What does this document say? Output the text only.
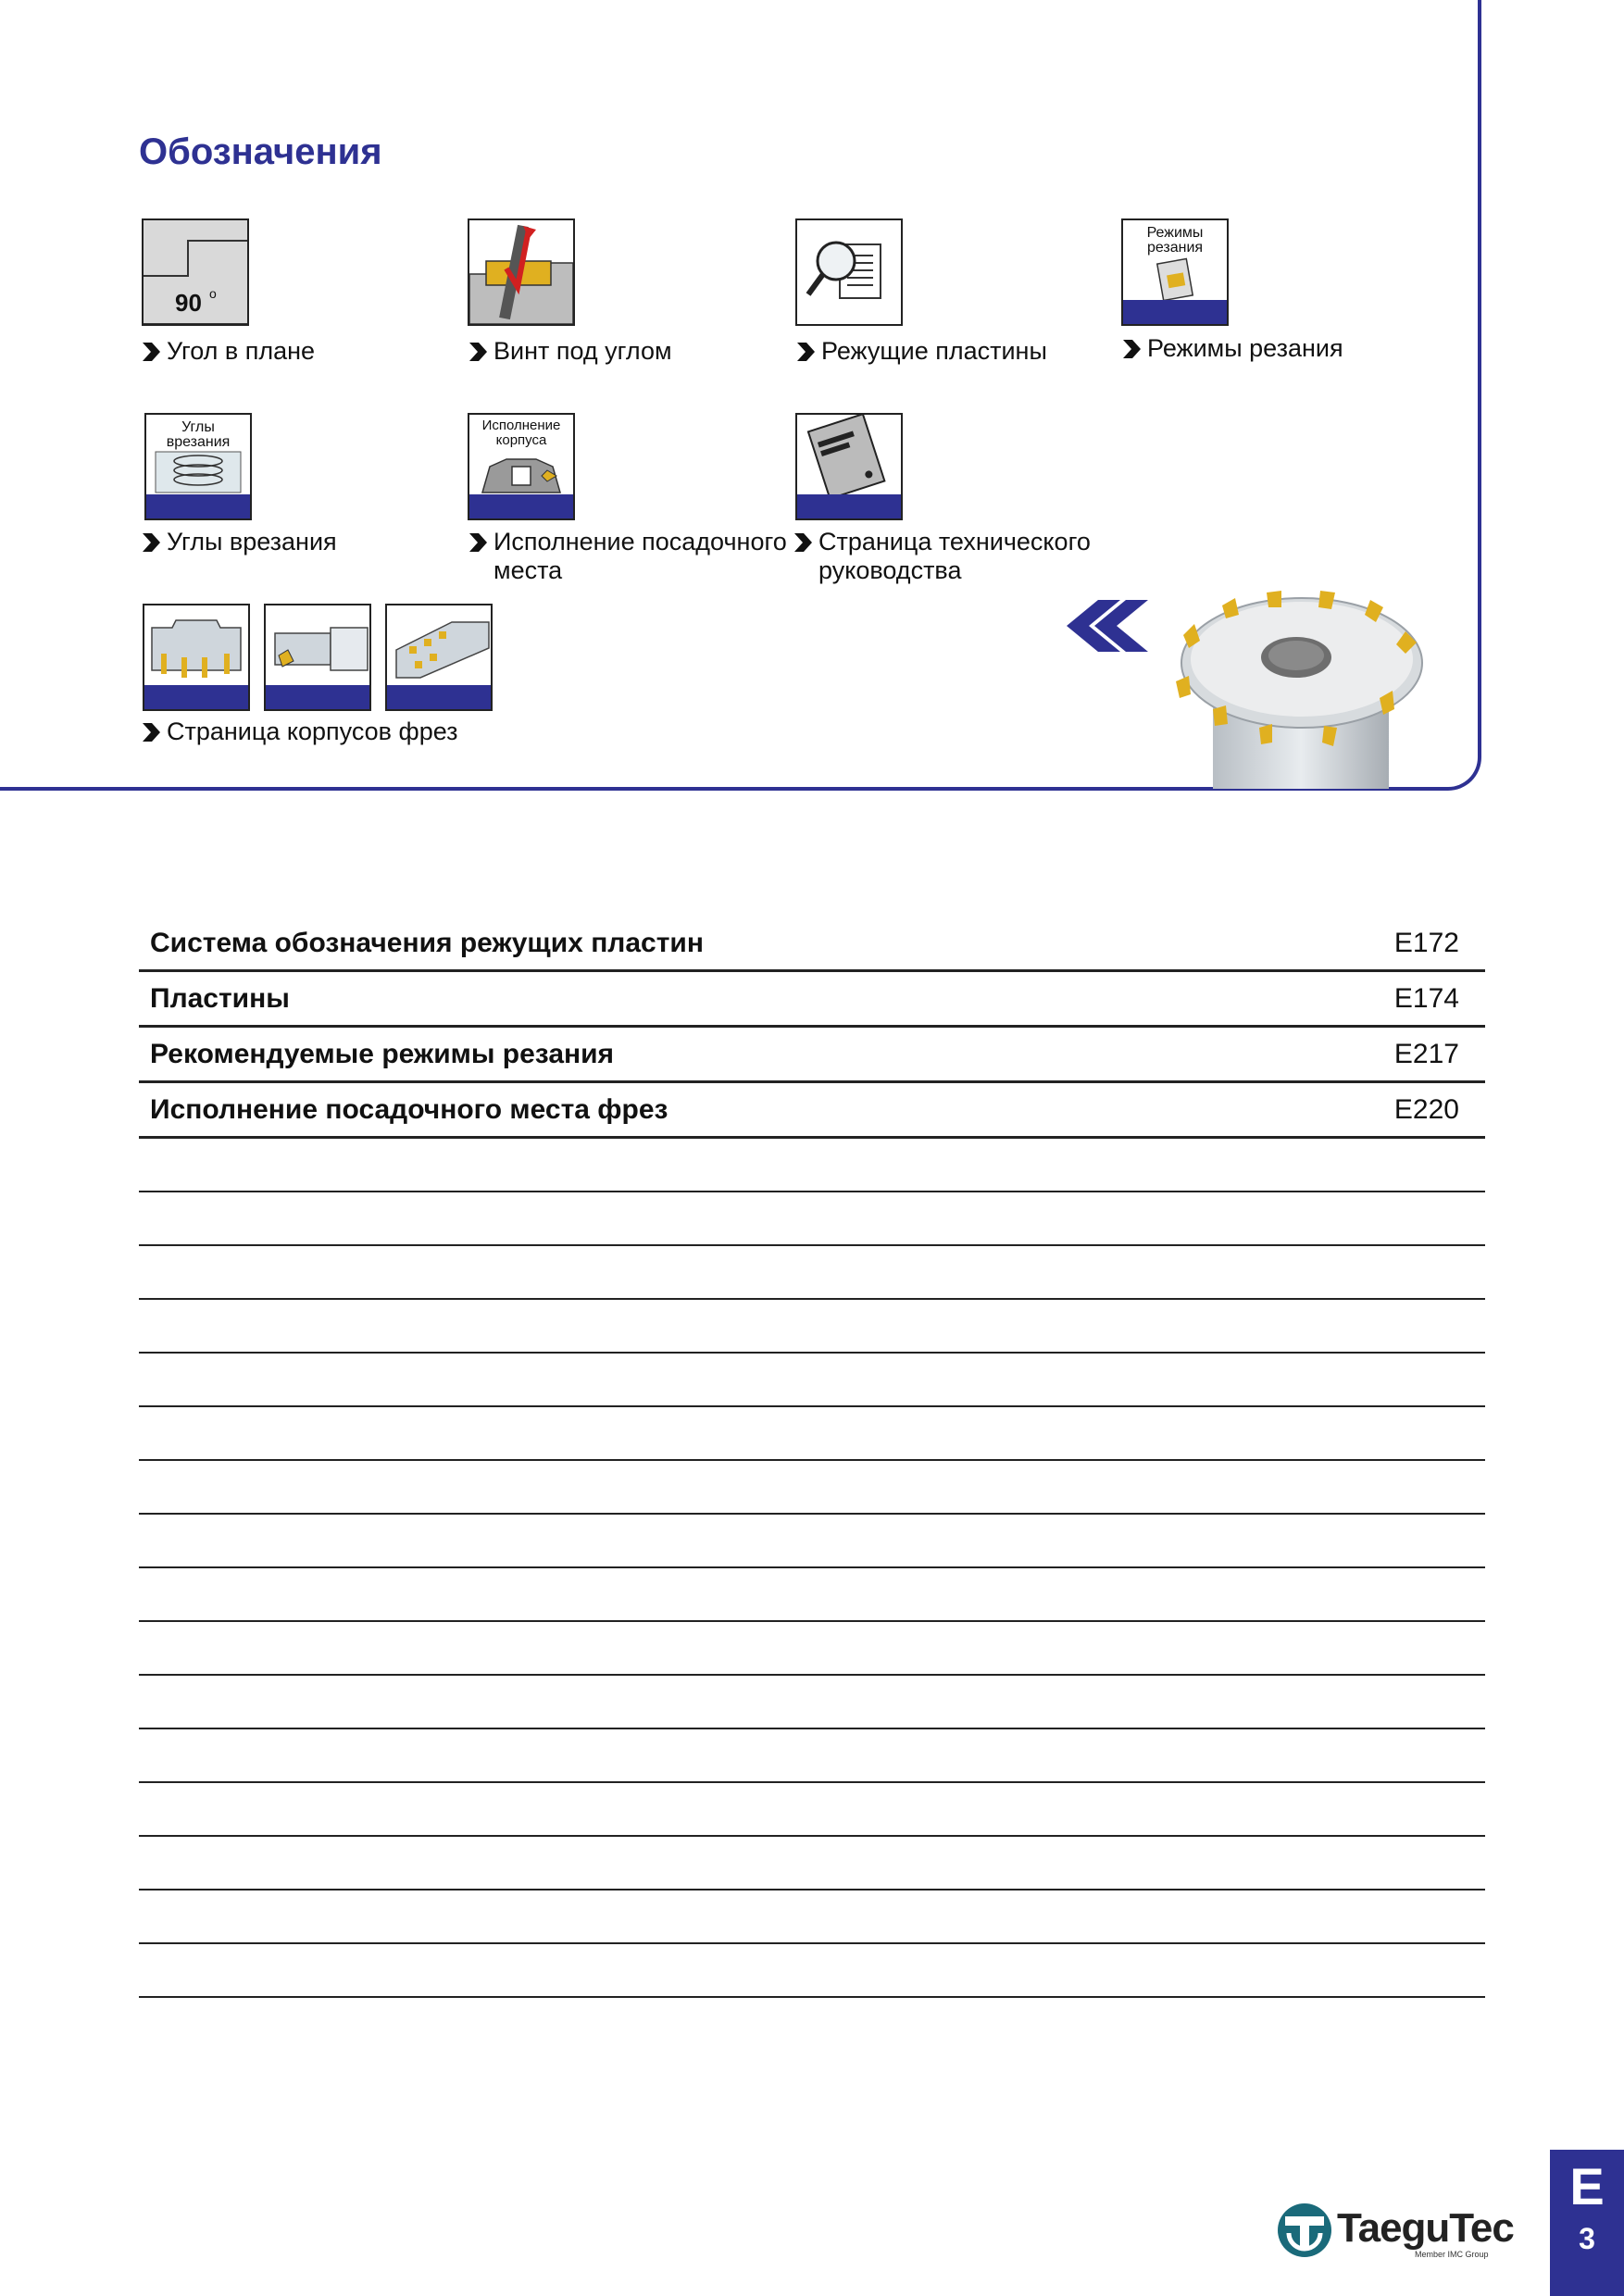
Обозначения
90 o
Угол в плане	Винт под углом	Режущие пластины
Режимы
резания
Режимы резания
Углы
врезания
Углы врезания
Исполнение
корпуса
Исполнение посадочного
места
Страница технического
руководства
Страница корпусов фрез
Система обозначения режущих пластин	E172
Пластины	E174
Рекомендуемые режимы резания	E217
Исполнение посадочного места фрез	E220
TaeguTec
Member IMC Group
E
3
